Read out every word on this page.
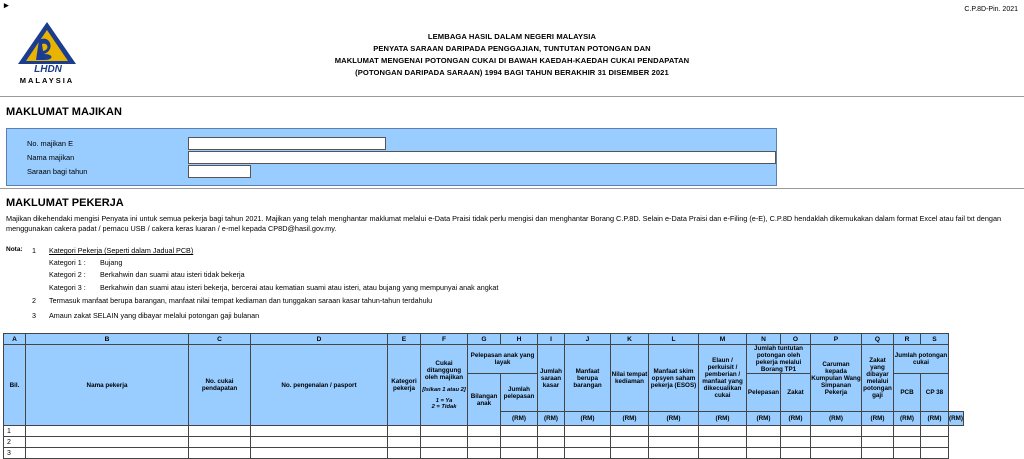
▸	C.P.8D-Pin. 2021
LHDN
MALAYSIA
LEMBAGA HASIL DALAM NEGERI MALAYSIA
PENYATA SARAAN DARIPADA PENGGAJIAN, TUNTUTAN POTONGAN DAN
MAKLUMAT MENGENAI POTONGAN CUKAI DI BAWAH KAEDAH-KAEDAH CUKAI PENDAPATAN
(POTONGAN DARIPADA SARAAN) 1994 BAGI TAHUN BERAKHIR 31 DISEMBER 2021
MAKLUMAT MAJIKAN
No. majikan E
Nama majikan
Saraan bagi tahun
MAKLUMAT PEKERJA
Majikan dikehendaki mengisi Penyata ini untuk semua pekerja bagi tahun 2021. Majikan yang telah menghantar maklumat melalui e-Data Praisi tidak perlu mengisi dan menghantar Borang C.P.8D. Selain e-Data Praisi dan e-Filing (e-E), C.P.8D hendaklah dikemukakan dalam format Excel atau fail txt dengan menggunakan cakera padat / pemacu USB / cakera keras luaran / e-mel kepada CP8D@hasil.gov.my.
Nota: 1 Kategori Pekerja (Seperti dalam Jadual PCB)
Kategori 1 : Bujang
Kategori 2 : Berkahwin dan suami atau isteri tidak bekerja
Kategori 3 : Berkahwin dan suami atau isteri bekerja, bercerai atau kematian suami atau isteri, atau bujang yang mempunyai anak angkat
2 Termasuk manfaat berupa barangan, manfaat nilai tempat kediaman dan tunggakan saraan kasar tahun-tahun terdahulu
3 Amaun zakat SELAIN yang dibayar melalui potongan gaji bulanan
A	B	C	D	E	F	G	H	I	J	K	L	M	N	O	P	Q	R	S	
Bil.	Nama pekerja	No. cukai pendapatan	No. pengenalan / pasport	Kategori pekerja	Cukai ditanggung oleh majikan
[Isikan 1 atau 2]
1 = Ya
2 = Tidak	Pelepasan anak yang layak		Jumlah saraan kasar	Manfaat berupa barangan	Nilai tempat kediaman	Manfaat skim opsyen saham pekerja (ESOS)	Elaun / perkuisit / pemberian / manfaat yang dikecualikan cukai	Jumlah tuntutan potongan oleh pekerja melalui Borang TP1		Caruman kepada Kumpulan Wang Simpanan Pekerja	Zakat yang dibayar melalui potongan gaji	Jumlah potongan cukai		
						Bilangan anak	Jumlah pelepasan						Pelepasan	Zakat			PCB	CP 38	
							(RM)	(RM)	(RM)	(RM)	(RM)	(RM)	(RM)	(RM)	(RM)	(RM)	(RM)	(RM)	(RM)
1																			
2																			
3																			
